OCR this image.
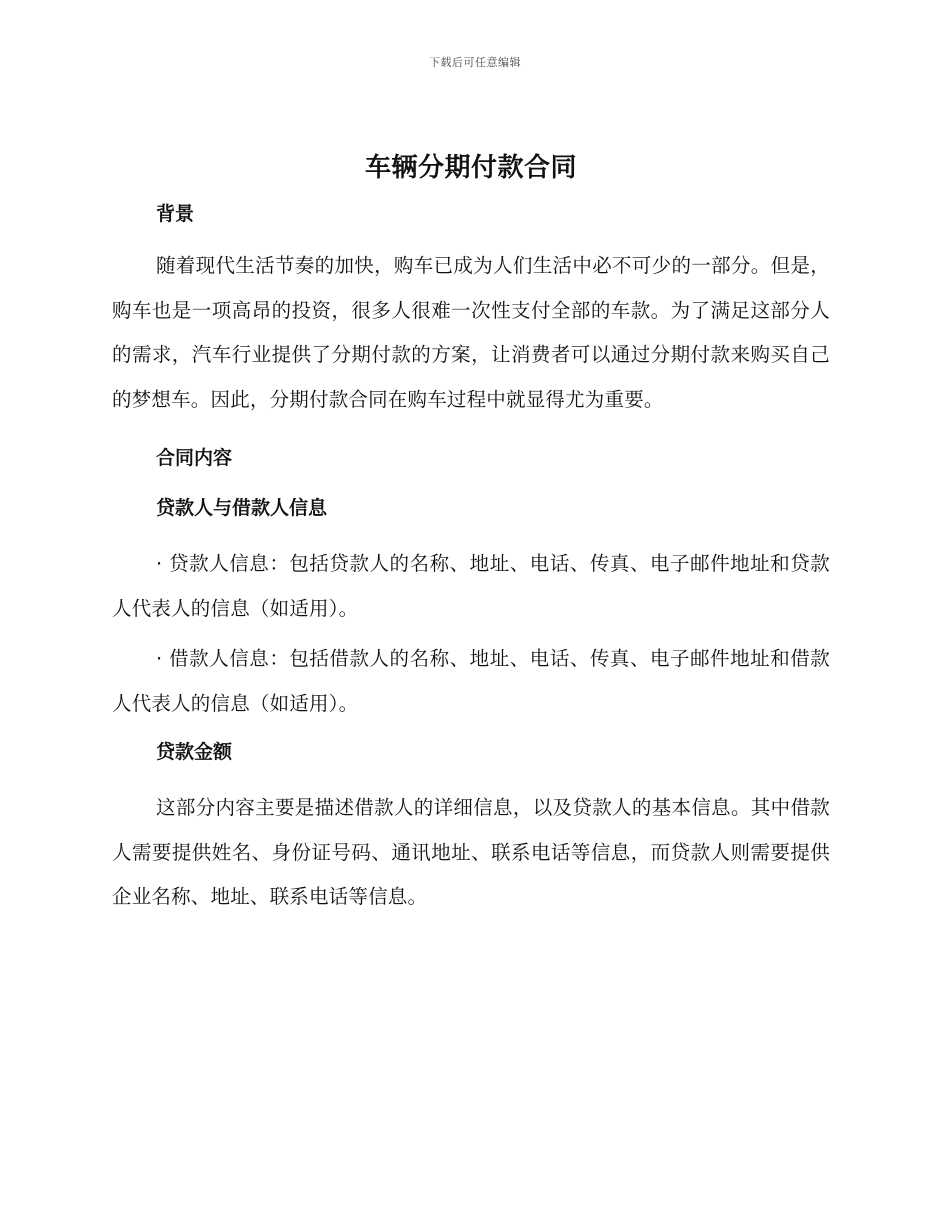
下载后可任意编辑
车辆分期付款合同
背景

随着现代生活节奏的加快，购车已成为人们生活中必不可少的一部分。但是，购车也是一项高昂的投资，很多人很难一次性支付全部的车款。为了满足这部分人的需求，汽车行业提供了分期付款的方案，让消费者可以通过分期付款来购买自己的梦想车。因此，分期付款合同在购车过程中就显得尤为重要。

合同内容
贷款人与借款人信息

· 贷款人信息：包括贷款人的名称、地址、电话、传真、电子邮件地址和贷款人代表人的信息（如适用）。

· 借款人信息：包括借款人的名称、地址、电话、传真、电子邮件地址和借款人代表人的信息（如适用）。

贷款金额

这部分内容主要是描述借款人的详细信息，以及贷款人的基本信息。其中借款人需要提供姓名、身份证号码、通讯地址、联系电话等信息，而贷款人则需要提供企业名称、地址、联系电话等信息。
